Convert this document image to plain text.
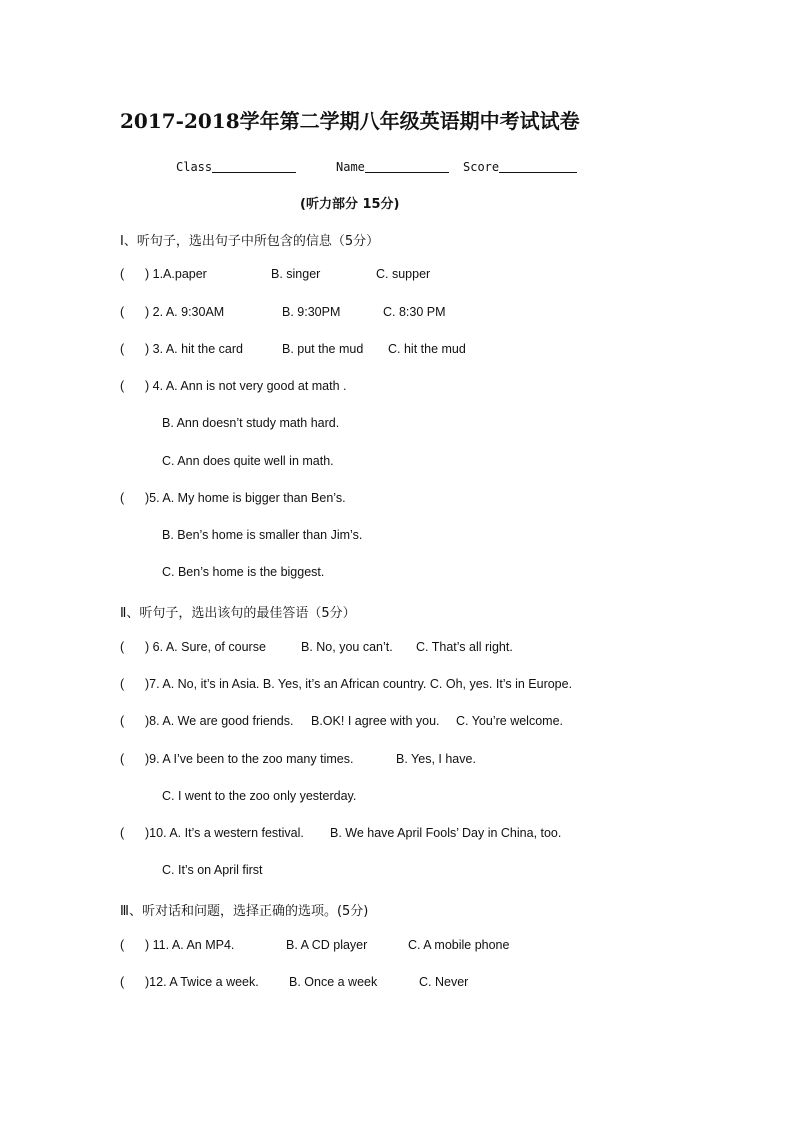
2017-2018学年第二学期八年级英语期中考试试卷
Class	Name	Score
(听力部分 15分)
Ⅰ、听句子，选出句子中所包含的信息（5分）
( ) 1.A.paper	B. singer	C. supper
( ) 2. A. 9:30AM	B. 9:30PM	C. 8:30 PM
( ) 3. A. hit the card	B. put the mud C. hit the mud
( ) 4. A. Ann is not very good at math .
B. Ann doesn’t study math hard.
C. Ann does quite well in math.
( )5. A. My home is bigger than Ben’s.
B. Ben’s home is smaller than Jim’s.
C. Ben’s home is the biggest.
Ⅱ、听句子，选出该句的最佳答语（5分）
( ) 6. A. Sure, of course	B. No, you can’t. C. That’s all right.
( )7. A. No, it’s in Asia. B. Yes, it’s an African country. C. Oh, yes. It’s in Europe.
( )8. A. We are good friends. B.OK! I agree with you. C. You’re welcome.
( )9. A I’ve been to the zoo many times.	B. Yes, I have.
C. I went to the zoo only yesterday.
( )10. A. It’s a western festival. B. We have April Fools’ Day in China, too.
C. It’s on April first
Ⅲ、听对话和问题，选择正确的选项。(5分)
( ) 11. A. An MP4.	B. A CD player	C. A mobile phone
( )12. A Twice a week. B. Once a week	C. Never
